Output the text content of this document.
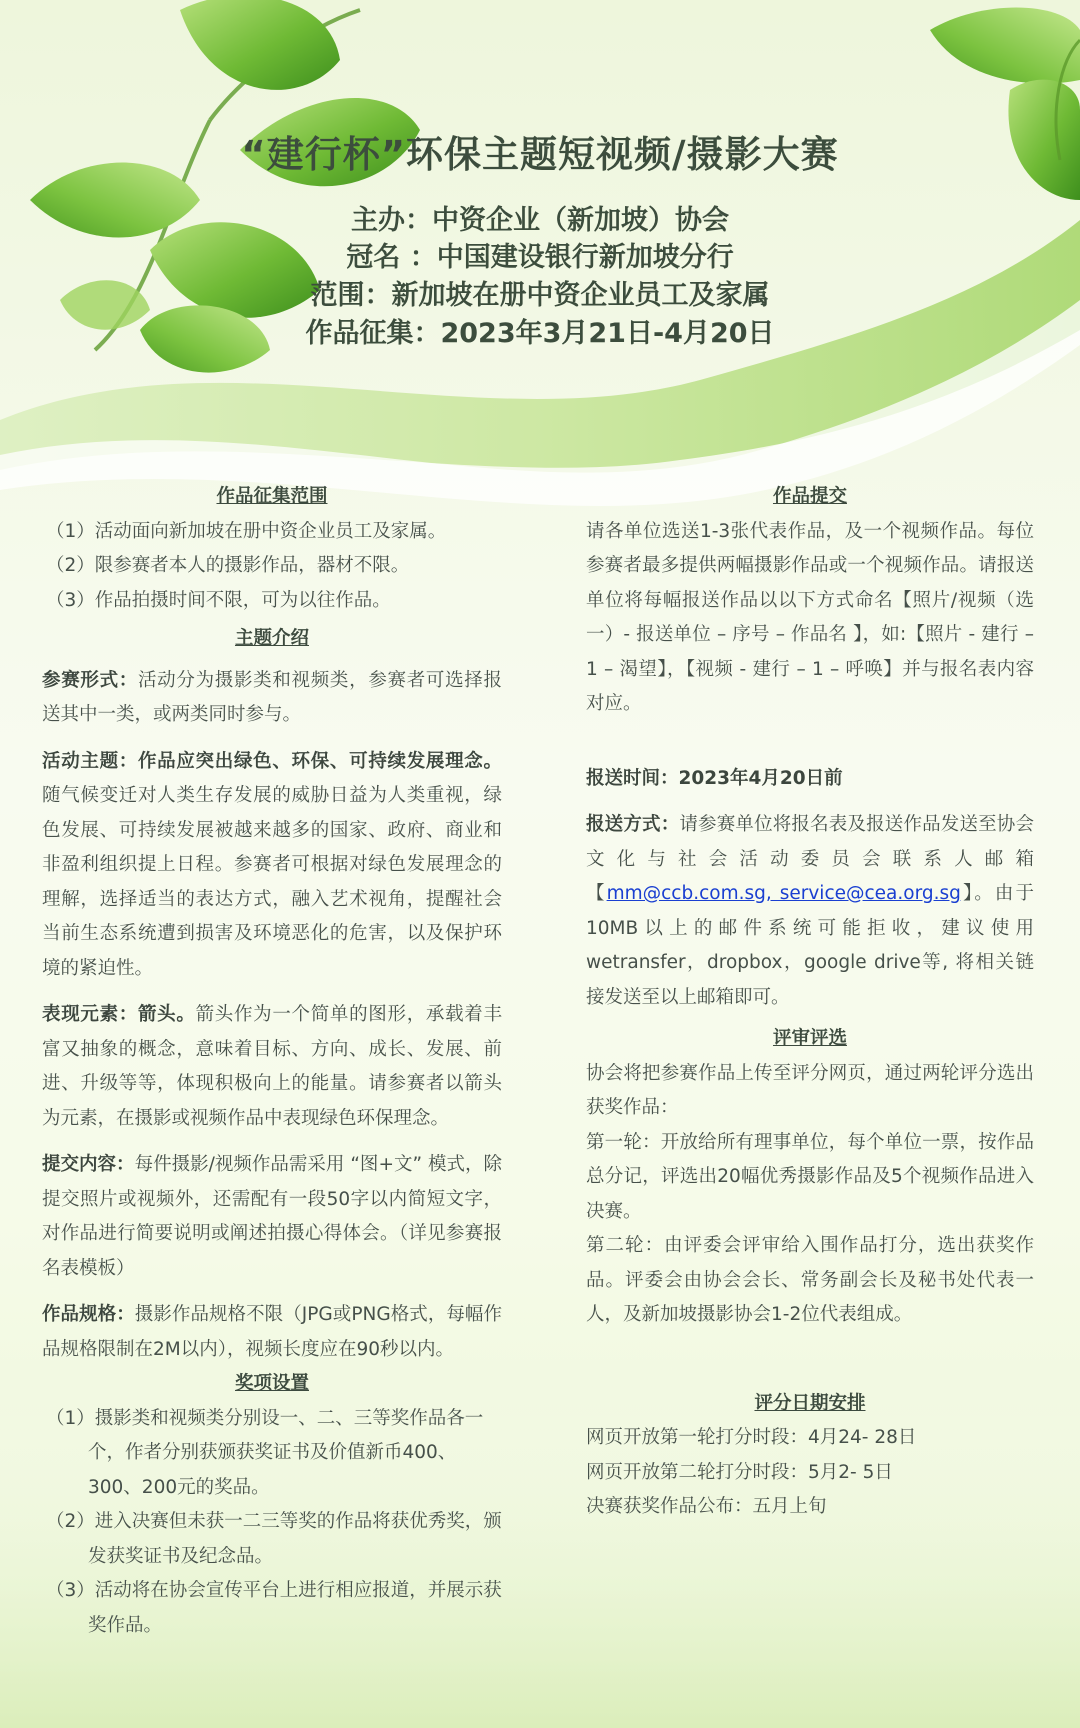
“建行杯”环保主题短视频/摄影大赛
主办：中资企业（新加坡）协会
冠名 ：中国建设银行新加坡分行
范围：新加坡在册中资企业员工及家属
作品征集：2023年3月21日-4月20日

作品征集范围

（1）活动面向新加坡在册中资企业员工及家属。

（2）限参赛者本人的摄影作品，器材不限。

（3）作品拍摄时间不限，可为以往作品。

主题介绍

参赛形式：活动分为摄影类和视频类，参赛者可选择报送其中一类，或两类同时参与。

活动主题：作品应突出绿色、环保、可持续发展理念。随气候变迁对人类生存发展的威胁日益为人类重视，绿色发展、可持续发展被越来越多的国家、政府、商业和非盈利组织提上日程。参赛者可根据对绿色发展理念的理解，选择适当的表达方式，融入艺术视角，提醒社会当前生态系统遭到损害及环境恶化的危害，以及保护环境的紧迫性。

表现元素：箭头。箭头作为一个简单的图形，承载着丰富又抽象的概念，意味着目标、方向、成长、发展、前进、升级等等，体现积极向上的能量。请参赛者以箭头为元素，在摄影或视频作品中表现绿色环保理念。

提交内容：每件摄影/视频作品需采用 “图+文” 模式，除提交照片或视频外，还需配有一段50字以内简短文字，对作品进行简要说明或阐述拍摄心得体会。（详见参赛报名表模板）

作品规格：摄影作品规格不限（JPG或PNG格式，每幅作品规格限制在2M以内），视频长度应在90秒以内。

奖项设置

（1）摄影类和视频类分别设一、二、三等奖作品各一个，作者分别获颁获奖证书及价值新币400、300、200元的奖品。

（2）进入决赛但未获一二三等奖的作品将获优秀奖，颁发获奖证书及纪念品。

（3）活动将在协会宣传平台上进行相应报道，并展示获奖作品。

作品提交

请各单位选送1-3张代表作品，及一个视频作品。每位参赛者最多提供两幅摄影作品或一个视频作品。请报送单位将每幅报送作品以以下方式命名【照片/视频（选一）- 报送单位 – 序号 – 作品名 】，如:【照片 - 建行 – 1 – 渴望】，【视频 - 建行 – 1 – 呼唤】并与报名表内容对应。

报送时间：2023年4月20日前

报送方式：请参赛单位将报名表及报送作品发送至协会文化与社会活动委员会联系人邮箱【mm@ccb.com.sg, service@cea.org.sg】。由于10MB以上的邮件系统可能拒收，建议使用wetransfer，dropbox，google drive等, 将相关链接发送至以上邮箱即可。

评审评选

协会将把参赛作品上传至评分网页，通过两轮评分选出获奖作品：

第一轮：开放给所有理事单位，每个单位一票，按作品总分记，评选出20幅优秀摄影作品及5个视频作品进入决赛。

第二轮：由评委会评审给入围作品打分，选出获奖作品。评委会由协会会长、常务副会长及秘书处代表一人，及新加坡摄影协会1-2位代表组成。

评分日期安排

网页开放第一轮打分时段：4月24- 28日

网页开放第二轮打分时段：5月2- 5日

决赛获奖作品公布：五月上旬
